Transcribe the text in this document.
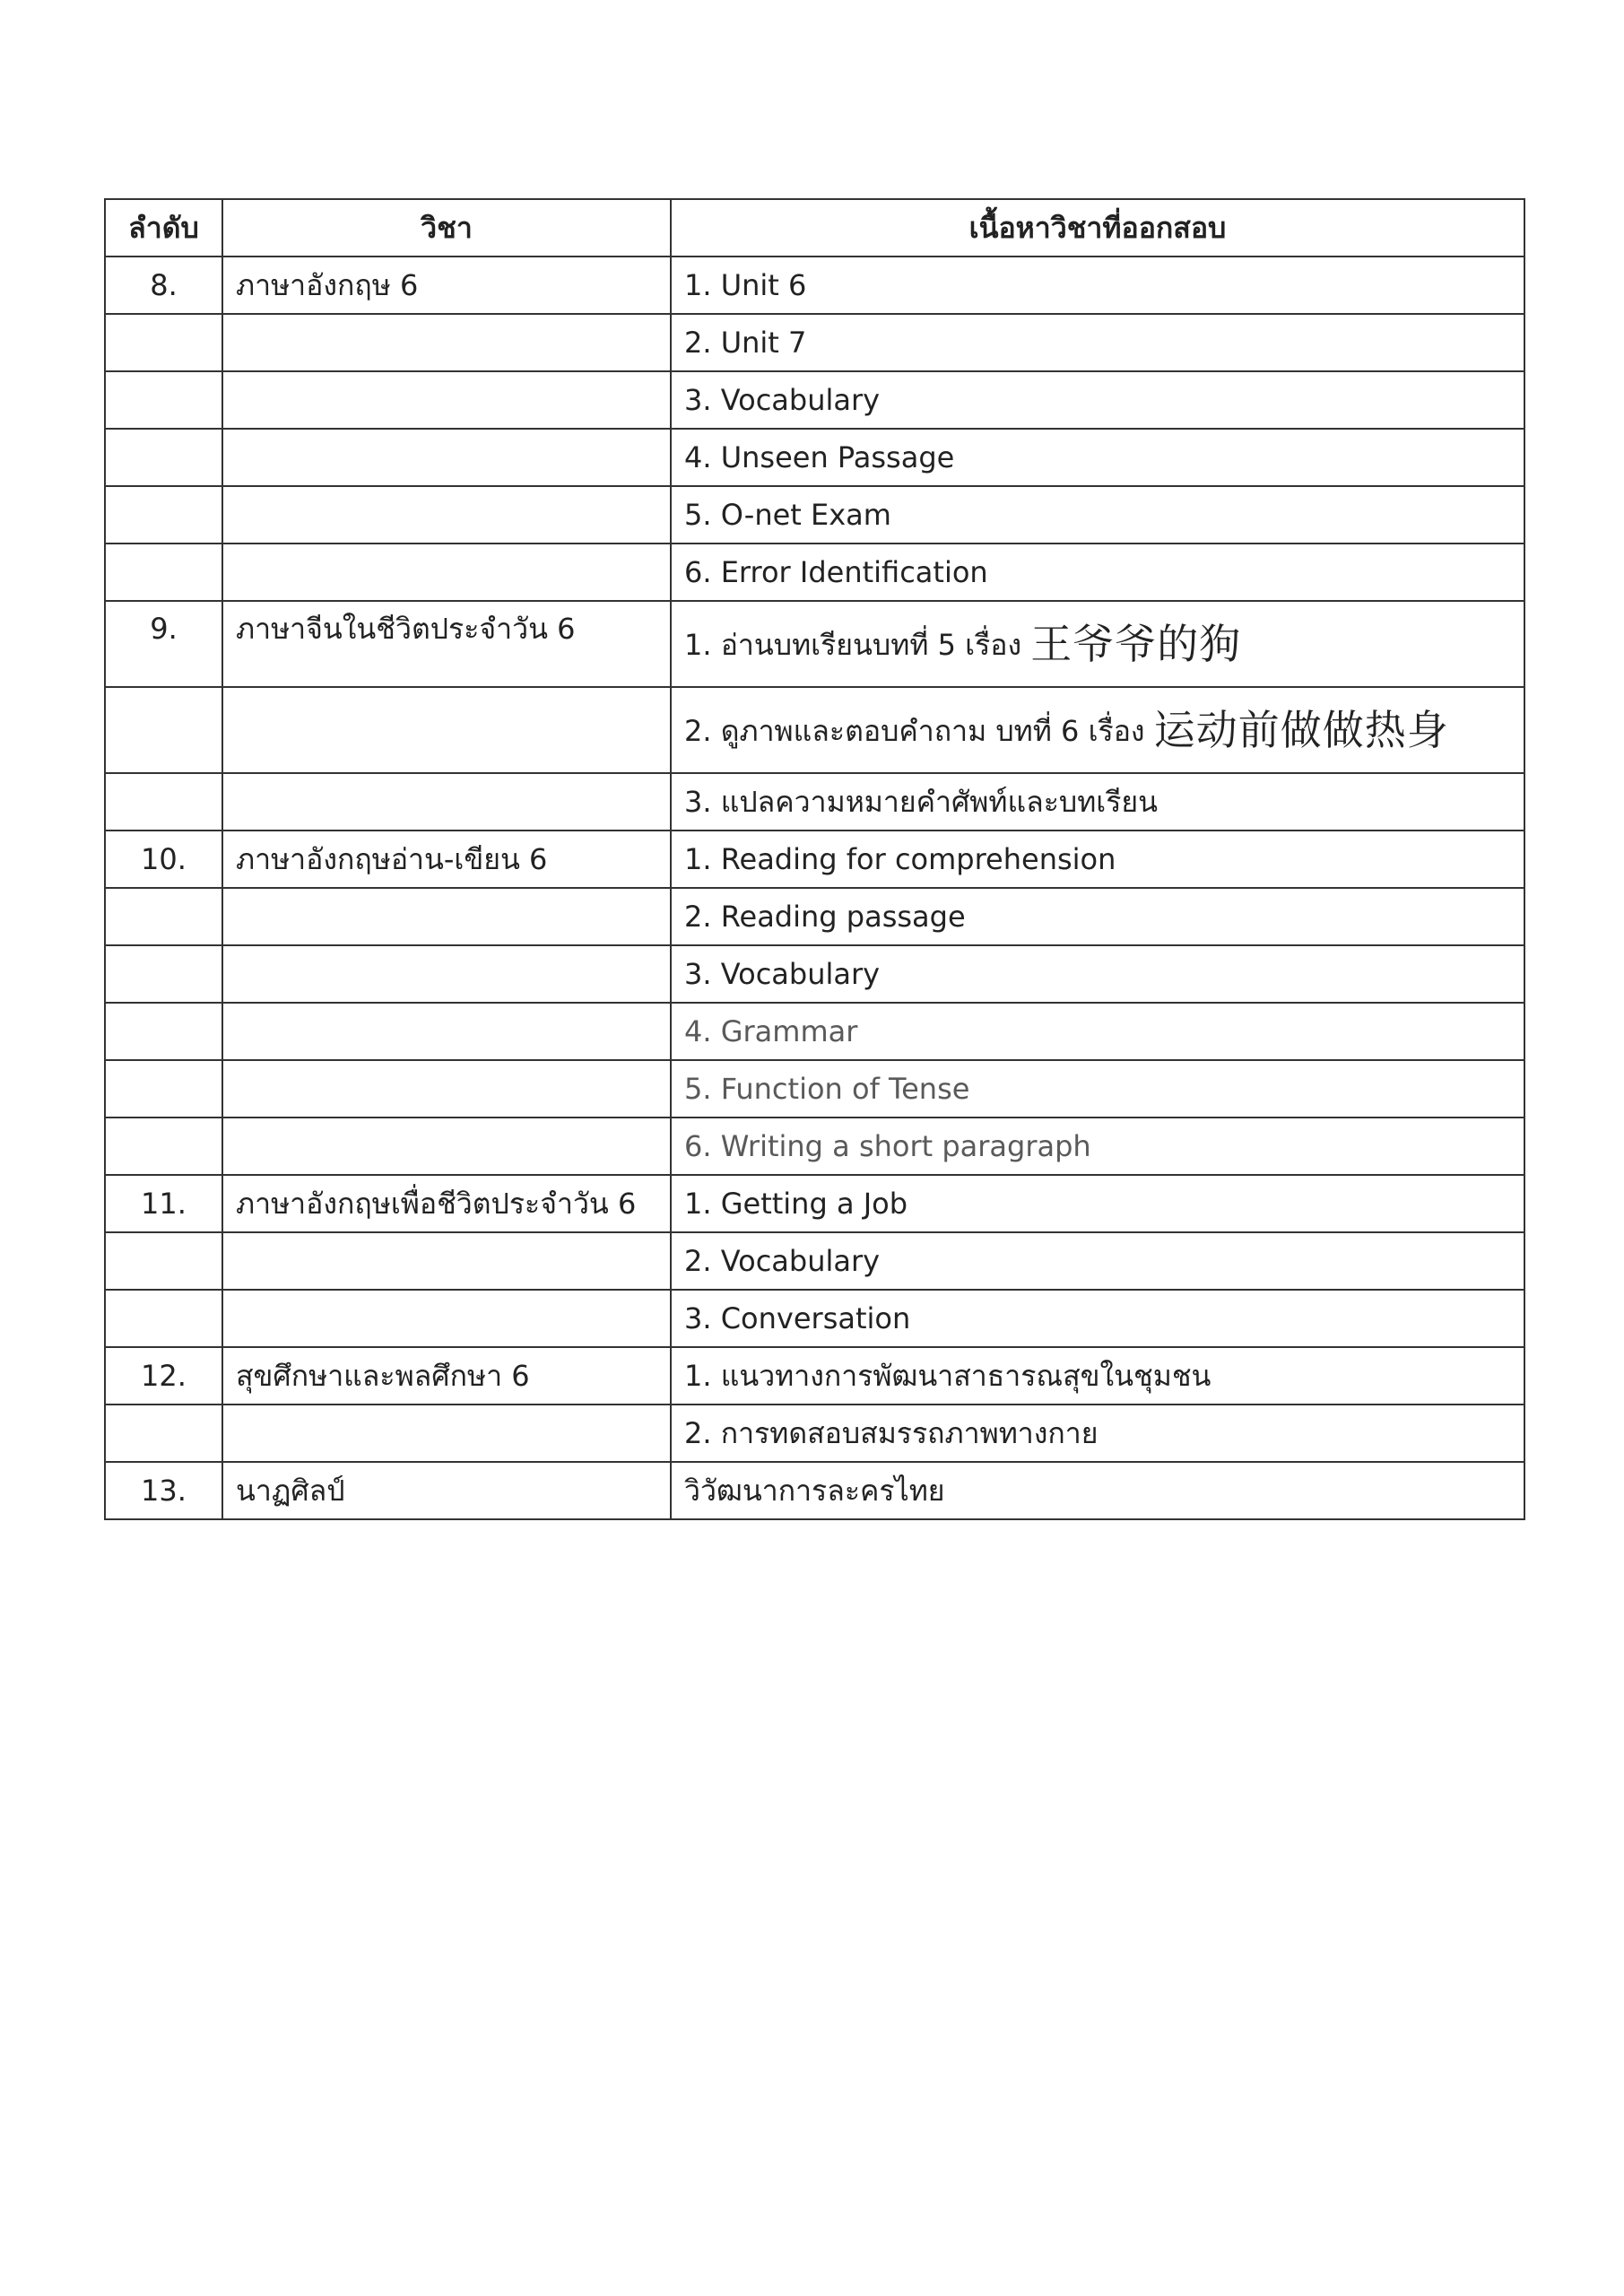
ลำดับ	วิชา	เนื้อหาวิชาที่ออกสอบ
8.	ภาษาอังกฤษ 6	1. Unit 6
		2. Unit 7
		3. Vocabulary
		4. Unseen Passage
		5. O-net Exam
		6. Error Identification
9.	ภาษาจีนในชีวิตประจำวัน 6	1. อ่านบทเรียนบทที่ 5 เรื่อง 王爷爷的狗
		2. ดูภาพและตอบคำถาม บทที่ 6 เรื่อง 运动前做做热身
		3. แปลความหมายคำศัพท์และบทเรียน
10.	ภาษาอังกฤษอ่าน-เขียน 6	1. Reading for comprehension
		2. Reading passage
		3. Vocabulary
		4. Grammar
		5. Function of Tense
		6. Writing a short paragraph
11.	ภาษาอังกฤษเพื่อชีวิตประจำวัน 6	1. Getting a Job
		2. Vocabulary
		3. Conversation
12.	สุขศึกษาและพลศึกษา 6	1. แนวทางการพัฒนาสาธารณสุขในชุมชน
		2. การทดสอบสมรรถภาพทางกาย
13.	นาฏศิลป์	วิวัฒนาการละครไทย
